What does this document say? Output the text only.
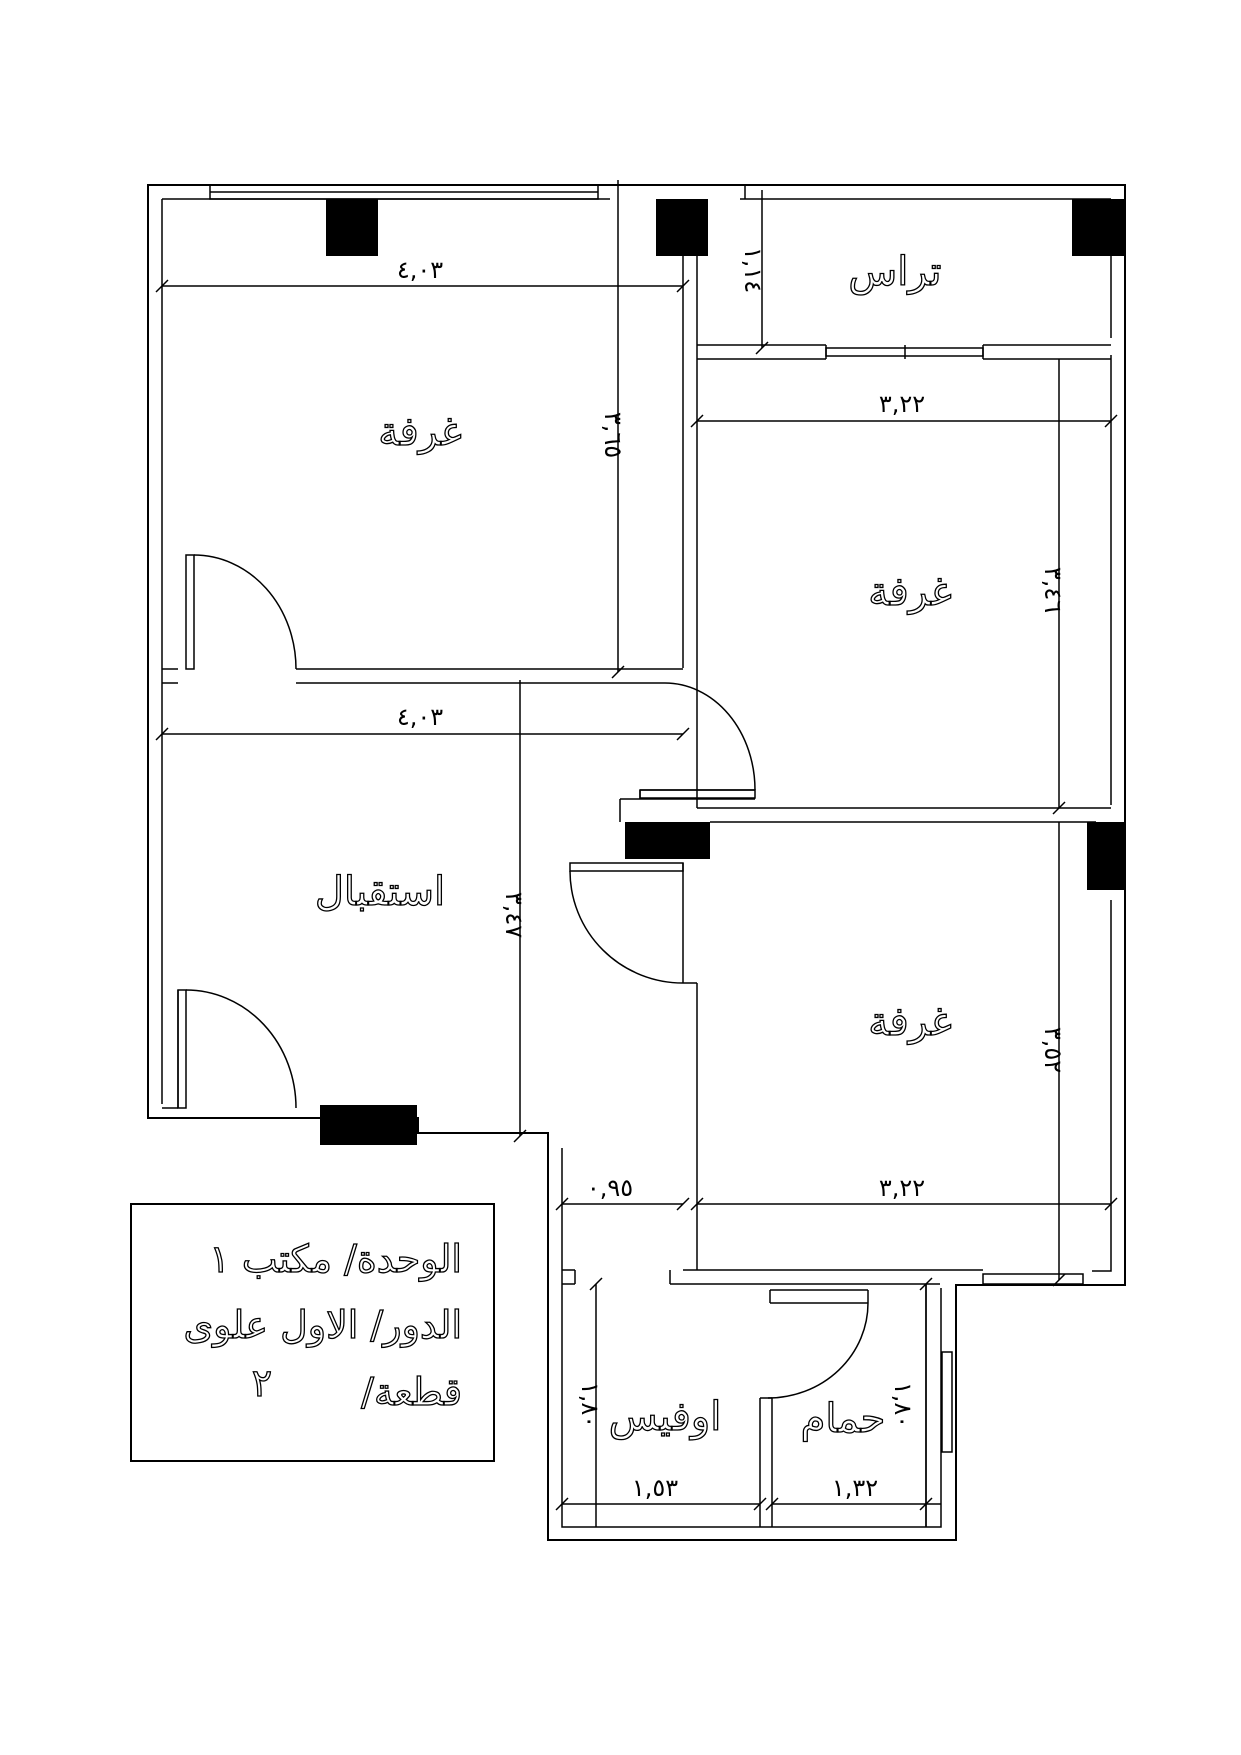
غرفة
تراس
غرفة
استقبال
غرفة
اوفيس حمام
٤,٠٣
٣,٦٥
١,١٤
٣,٢٢
٣,٤٦
٤,٠٣
٣,٤٧
٣,٥٢
٣,٢٢
٠,٩٥
١,٨٠
١,٥٣
١,٨٠
١,٣٢
الوحدة/ مكتب ١
الدور/ الاول علوى
قطعة/
٢
